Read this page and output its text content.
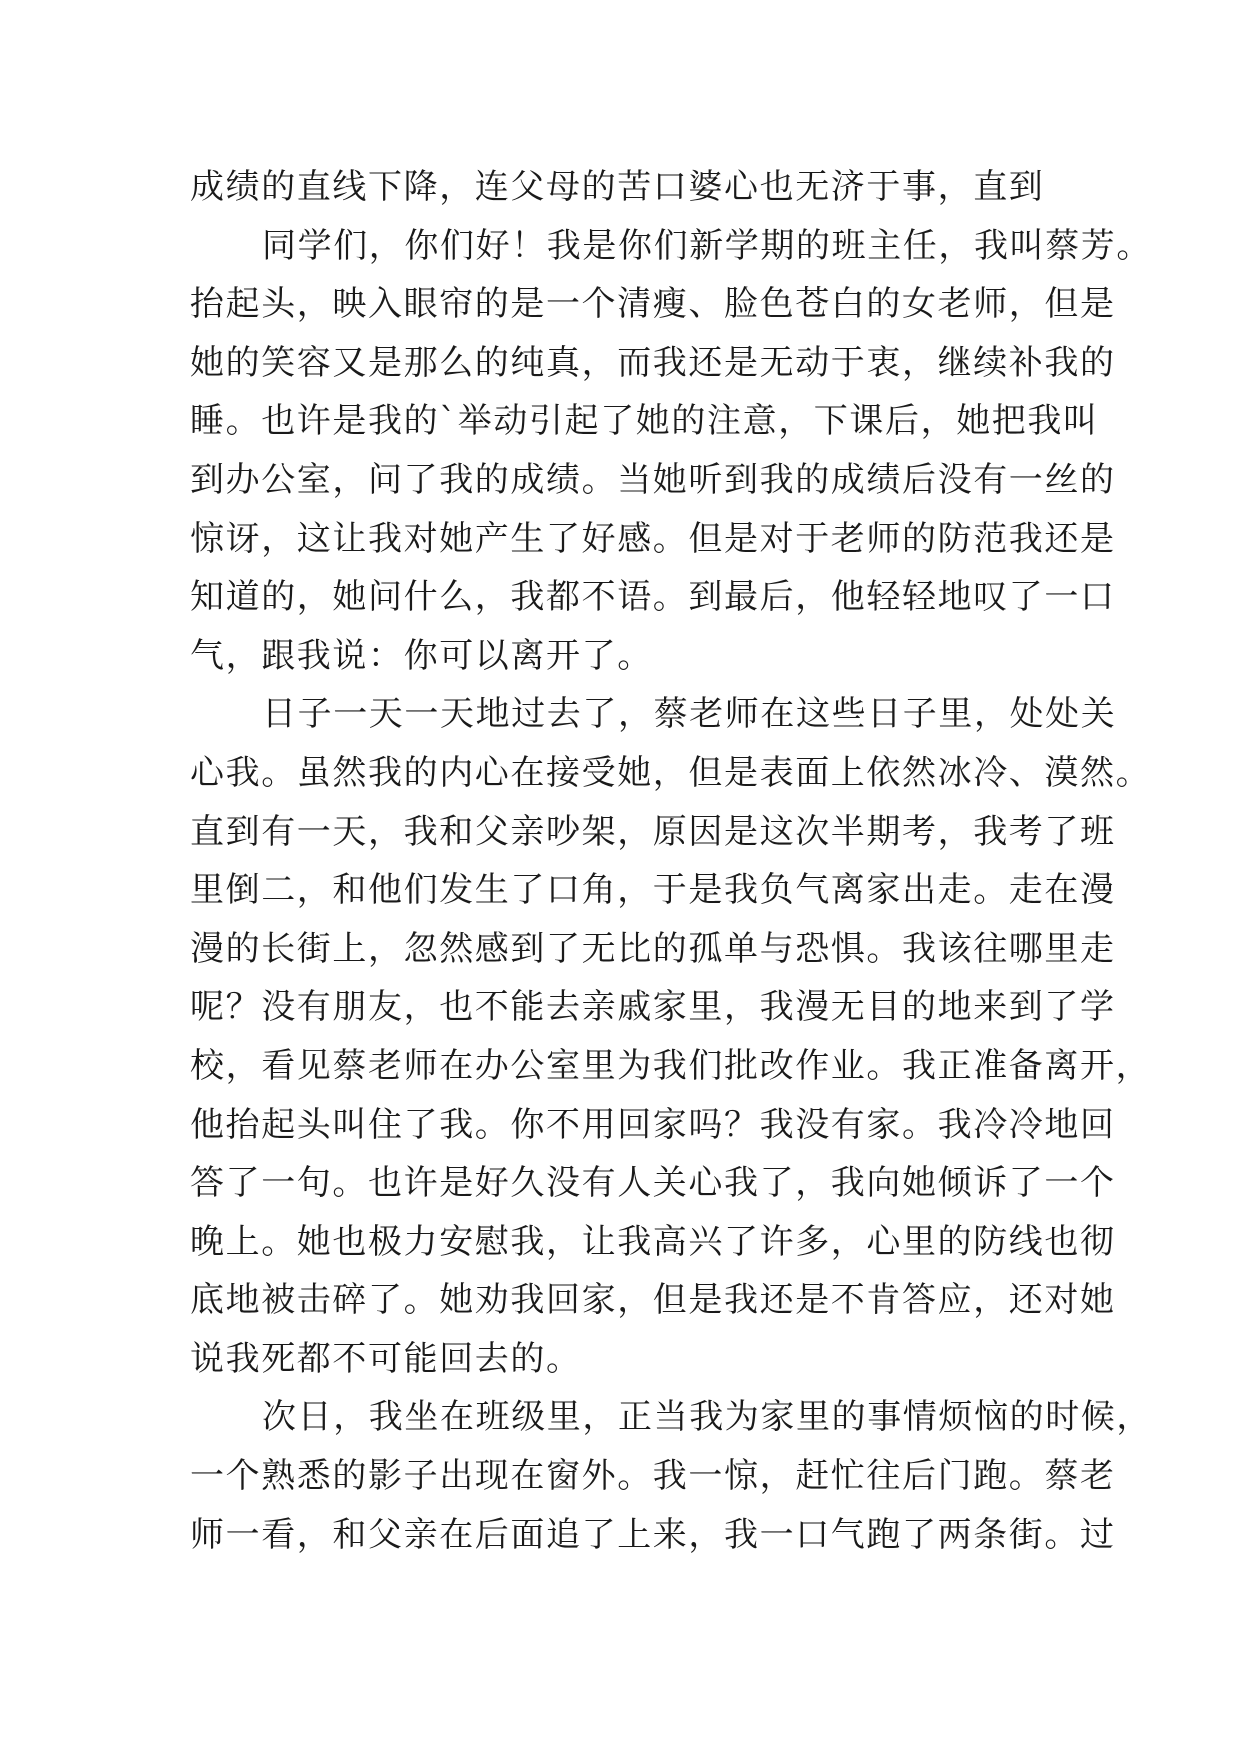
成绩的直线下降，连父母的苦口婆心也无济于事，直到
同学们，你们好！我是你们新学期的班主任，我叫蔡芳。
抬起头，映入眼帘的是一个清瘦、脸色苍白的女老师，但是
她的笑容又是那么的纯真，而我还是无动于衷，继续补我的
睡。也许是我的`举动引起了她的注意，下课后，她把我叫
到办公室，问了我的成绩。当她听到我的成绩后没有一丝的
惊讶，这让我对她产生了好感。但是对于老师的防范我还是
知道的，她问什么，我都不语。到最后，他轻轻地叹了一口
气，跟我说：你可以离开了。
日子一天一天地过去了，蔡老师在这些日子里，处处关
心我。虽然我的内心在接受她，但是表面上依然冰冷、漠然。
直到有一天，我和父亲吵架，原因是这次半期考，我考了班
里倒二，和他们发生了口角，于是我负气离家出走。走在漫
漫的长街上，忽然感到了无比的孤单与恐惧。我该往哪里走
呢？没有朋友，也不能去亲戚家里，我漫无目的地来到了学
校，看见蔡老师在办公室里为我们批改作业。我正准备离开，
他抬起头叫住了我。你不用回家吗？我没有家。我冷冷地回
答了一句。也许是好久没有人关心我了，我向她倾诉了一个
晚上。她也极力安慰我，让我高兴了许多，心里的防线也彻
底地被击碎了。她劝我回家，但是我还是不肯答应，还对她
说我死都不可能回去的。
次日，我坐在班级里，正当我为家里的事情烦恼的时候，
一个熟悉的影子出现在窗外。我一惊，赶忙往后门跑。蔡老
师一看，和父亲在后面追了上来，我一口气跑了两条街。过
